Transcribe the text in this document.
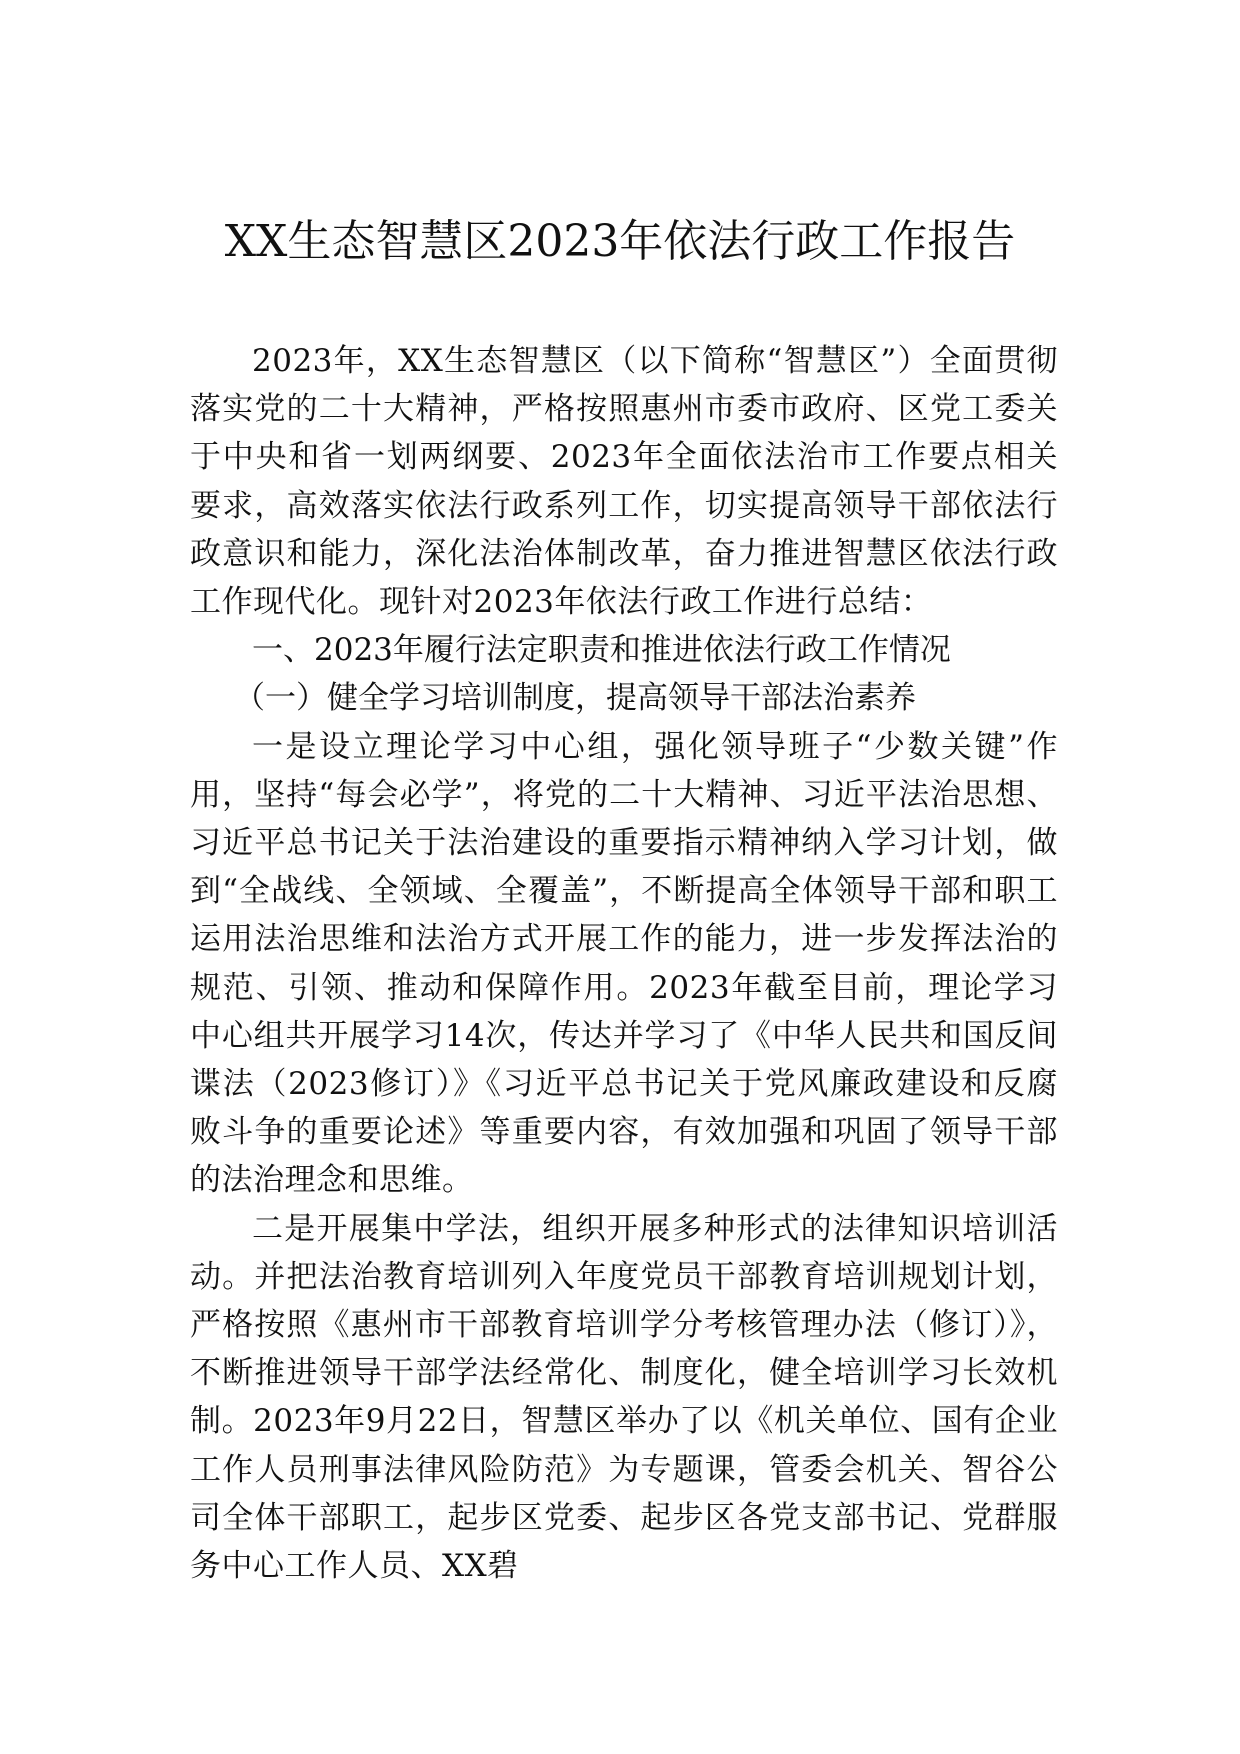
XX生态智慧区2023年依法行政工作报告

2023年，XX生态智慧区（以下简称“智慧区”）全面贯彻落实党的二十大精神，严格按照惠州市委市政府、区党工委关于中央和省一划两纲要、2023年全面依法治市工作要点相关要求，高效落实依法行政系列工作，切实提高领导干部依法行政意识和能力，深化法治体制改革，奋力推进智慧区依法行政工作现代化。现针对2023年依法行政工作进行总结：

一、2023年履行法定职责和推进依法行政工作情况

（一）健全学习培训制度，提高领导干部法治素养

一是设立理论学习中心组，强化领导班子“少数关键”作用，坚持“每会必学”，将党的二十大精神、习近平法治思想、习近平总书记关于法治建设的重要指示精神纳入学习计划，做到“全战线、全领域、全覆盖”，不断提高全体领导干部和职工运用法治思维和法治方式开展工作的能力，进一步发挥法治的规范、引领、推动和保障作用。2023年截至目前，理论学习中心组共开展学习14次，传达并学习了《中华人民共和国反间谍法（2023修订）》《习近平总书记关于党风廉政建设和反腐败斗争的重要论述》等重要内容，有效加强和巩固了领导干部的法治理念和思维。

二是开展集中学法，组织开展多种形式的法律知识培训活动。并把法治教育培训列入年度党员干部教育培训规划计划，严格按照《惠州市干部教育培训学分考核管理办法（修订）》，不断推进领导干部学法经常化、制度化，健全培训学习长效机制。2023年9月22日，智慧区举办了以《机关单位、国有企业工作人员刑事法律风险防范》为专题课，管委会机关、智谷公司全体干部职工，起步区党委、起步区各党支部书记、党群服务中心工作人员、XX碧
